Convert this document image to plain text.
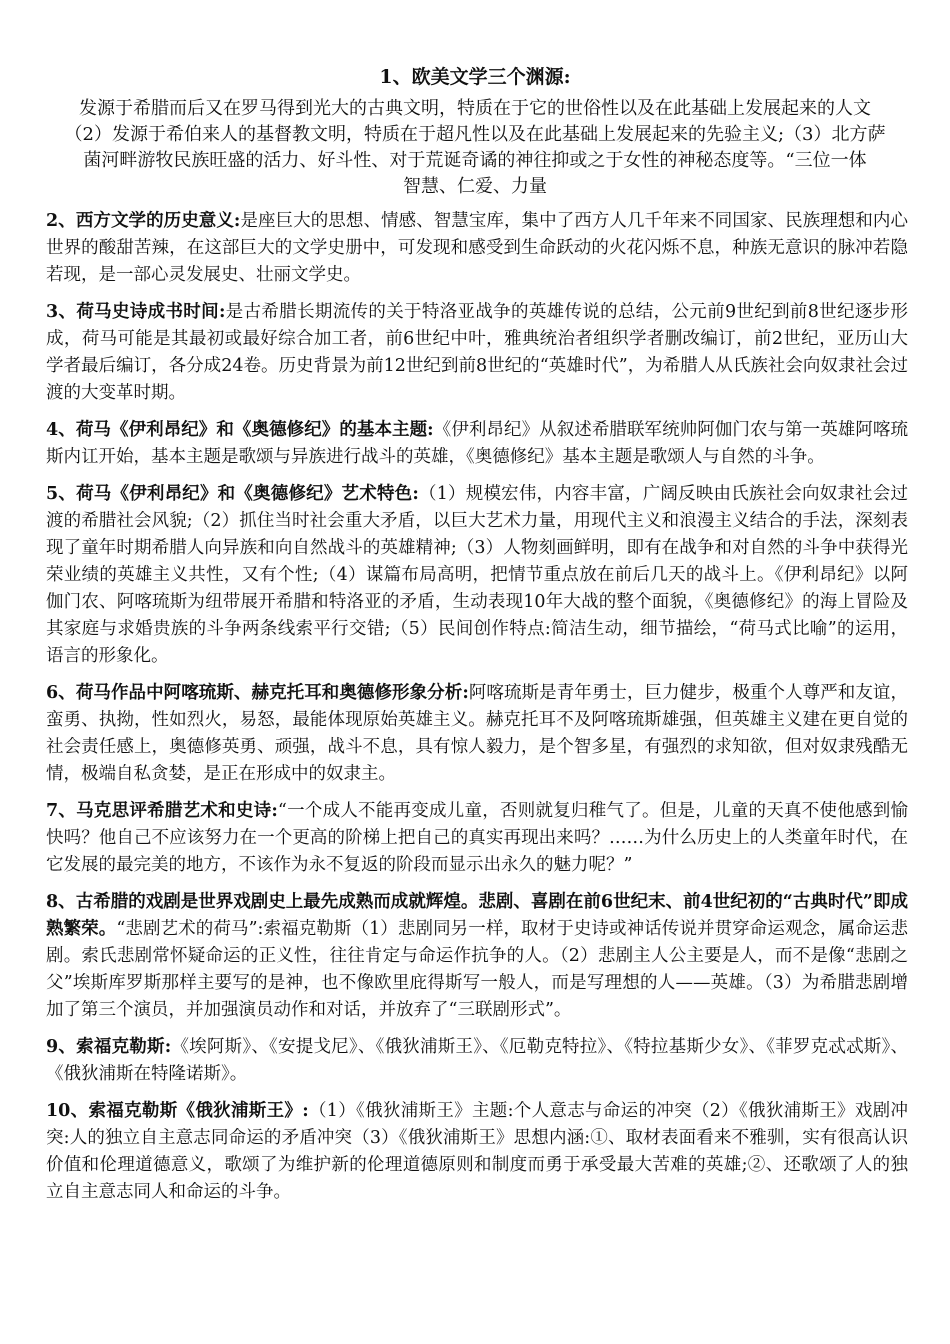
1、欧美文学三个渊源:
发源于希腊而后又在罗马得到光大的古典文明，特质在于它的世俗性以及在此基础上发展起来的人文
（2）发源于希伯来人的基督教文明，特质在于超凡性以及在此基础上发展起来的先验主义;（3）北方萨
菌河畔游牧民族旺盛的活力、好斗性、对于荒诞奇谲的神往抑或之于女性的神秘态度等。“三位一体
智慧、仁爱、力量

2、西方文学的历史意义:是座巨大的思想、情感、智慧宝库，集中了西方人几千年来不同国家、民族理想和内心世界的酸甜苦辣，在这部巨大的文学史册中，可发现和感受到生命跃动的火花闪烁不息，种族无意识的脉冲若隐若现，是一部心灵发展史、壮丽文学史。

3、荷马史诗成书时间:是古希腊长期流传的关于特洛亚战争的英雄传说的总结，公元前9世纪到前8世纪逐步形成，荷马可能是其最初或最好综合加工者，前6世纪中叶，雅典统治者组织学者删改编订，前2世纪，亚历山大学者最后编订，各分成24卷。历史背景为前12世纪到前8世纪的“英雄时代”，为希腊人从氏族社会向奴隶社会过渡的大变革时期。

4、荷马《伊利昂纪》和《奥德修纪》的基本主题:《伊利昂纪》从叙述希腊联军统帅阿伽门农与第一英雄阿喀琉斯内讧开始，基本主题是歌颂与异族进行战斗的英雄，《奥德修纪》基本主题是歌颂人与自然的斗争。

5、荷马《伊利昂纪》和《奥德修纪》艺术特色:（1）规模宏伟，内容丰富，广阔反映由氏族社会向奴隶社会过渡的希腊社会风貌;（2）抓住当时社会重大矛盾，以巨大艺术力量，用现代主义和浪漫主义结合的手法，深刻表现了童年时期希腊人向异族和向自然战斗的英雄精神;（3）人物刻画鲜明，即有在战争和对自然的斗争中获得光荣业绩的英雄主义共性，又有个性;（4）谋篇布局高明，把情节重点放在前后几天的战斗上。《伊利昂纪》以阿伽门农、阿喀琉斯为纽带展开希腊和特洛亚的矛盾，生动表现10年大战的整个面貌，《奥德修纪》的海上冒险及其家庭与求婚贵族的斗争两条线索平行交错;（5）民间创作特点:简洁生动，细节描绘，“荷马式比喻”的运用，语言的形象化。

6、荷马作品中阿喀琉斯、赫克托耳和奥德修形象分析:阿喀琉斯是青年勇士，巨力健步，极重个人尊严和友谊，蛮勇、执拗，性如烈火，易怒，最能体现原始英雄主义。赫克托耳不及阿喀琉斯雄强，但英雄主义建在更自觉的社会责任感上，奥德修英勇、顽强，战斗不息，具有惊人毅力，是个智多星，有强烈的求知欲，但对奴隶残酷无情，极端自私贪婪，是正在形成中的奴隶主。

7、马克思评希腊艺术和史诗:“一个成人不能再变成儿童，否则就复归稚气了。但是，儿童的天真不使他感到愉快吗？他自己不应该努力在一个更高的阶梯上把自己的真实再现出来吗？……为什么历史上的人类童年时代，在它发展的最完美的地方，不该作为永不复返的阶段而显示出永久的魅力呢？”

8、古希腊的戏剧是世界戏剧史上最先成熟而成就辉煌。悲剧、喜剧在前6世纪末、前4世纪初的“古典时代”即成熟繁荣。“悲剧艺术的荷马”:索福克勒斯（1）悲剧同另一样，取材于史诗或神话传说并贯穿命运观念，属命运悲剧。索氏悲剧常怀疑命运的正义性，往往肯定与命运作抗争的人。（2）悲剧主人公主要是人，而不是像“悲剧之父”埃斯库罗斯那样主要写的是神，也不像欧里庇得斯写一般人，而是写理想的人——英雄。（3）为希腊悲剧增加了第三个演员，并加强演员动作和对话，并放弃了“三联剧形式”。

9、索福克勒斯:《埃阿斯》、《安提戈尼》、《俄狄浦斯王》、《厄勒克特拉》、《特拉基斯少女》、《菲罗克忒忒斯》、《俄狄浦斯在特隆诺斯》。

10、索福克勒斯《俄狄浦斯王》:（1）《俄狄浦斯王》主题:个人意志与命运的冲突（2）《俄狄浦斯王》戏剧冲突:人的独立自主意志同命运的矛盾冲突（3）《俄狄浦斯王》思想内涵:①、取材表面看来不雅驯，实有很高认识价值和伦理道德意义，歌颂了为维护新的伦理道德原则和制度而勇于承受最大苦难的英雄;②、还歌颂了人的独立自主意志同人和命运的斗争。
